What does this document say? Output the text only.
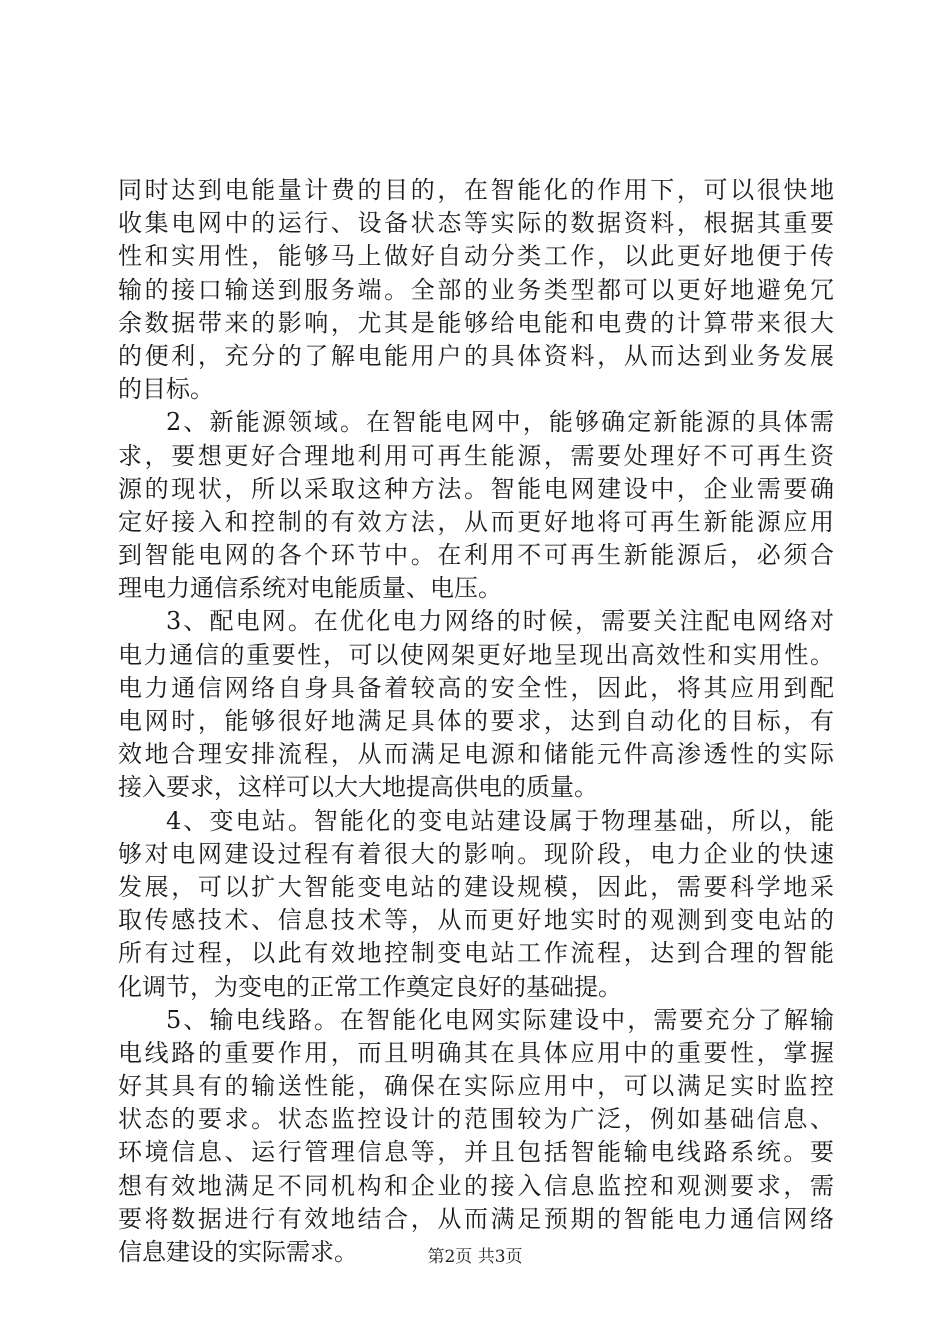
同时达到电能量计费的目的，在智能化的作用下，可以很快地
收集电网中的运行、设备状态等实际的数据资料，根据其重要
性和实用性，能够马上做好自动分类工作，以此更好地便于传
输的接口输送到服务端。全部的业务类型都可以更好地避免冗
余数据带来的影响，尤其是能够给电能和电费的计算带来很大
的便利，充分的了解电能用户的具体资料，从而达到业务发展
的目标。
2、新能源领域。在智能电网中，能够确定新能源的具体需
求，要想更好合理地利用可再生能源，需要处理好不可再生资
源的现状，所以采取这种方法。智能电网建设中，企业需要确
定好接入和控制的有效方法，从而更好地将可再生新能源应用
到智能电网的各个环节中。在利用不可再生新能源后，必须合
理电力通信系统对电能质量、电压。
3、配电网。在优化电力网络的时候，需要关注配电网络对
电力通信的重要性，可以使网架更好地呈现出高效性和实用性。
电力通信网络自身具备着较高的安全性，因此，将其应用到配
电网时，能够很好地满足具体的要求，达到自动化的目标，有
效地合理安排流程，从而满足电源和储能元件高渗透性的实际
接入要求，这样可以大大地提高供电的质量。
4、变电站。智能化的变电站建设属于物理基础，所以，能
够对电网建设过程有着很大的影响。现阶段，电力企业的快速
发展，可以扩大智能变电站的建设规模，因此，需要科学地采
取传感技术、信息技术等，从而更好地实时的观测到变电站的
所有过程，以此有效地控制变电站工作流程，达到合理的智能
化调节，为变电的正常工作奠定良好的基础提。
5、输电线路。在智能化电网实际建设中，需要充分了解输
电线路的重要作用，而且明确其在具体应用中的重要性，掌握
好其具有的输送性能，确保在实际应用中，可以满足实时监控
状态的要求。状态监控设计的范围较为广泛，例如基础信息、
环境信息、运行管理信息等，并且包括智能输电线路系统。要
想有效地满足不同机构和企业的接入信息监控和观测要求，需
要将数据进行有效地结合，从而满足预期的智能电力通信网络
信息建设的实际需求。	第2页 共3页
